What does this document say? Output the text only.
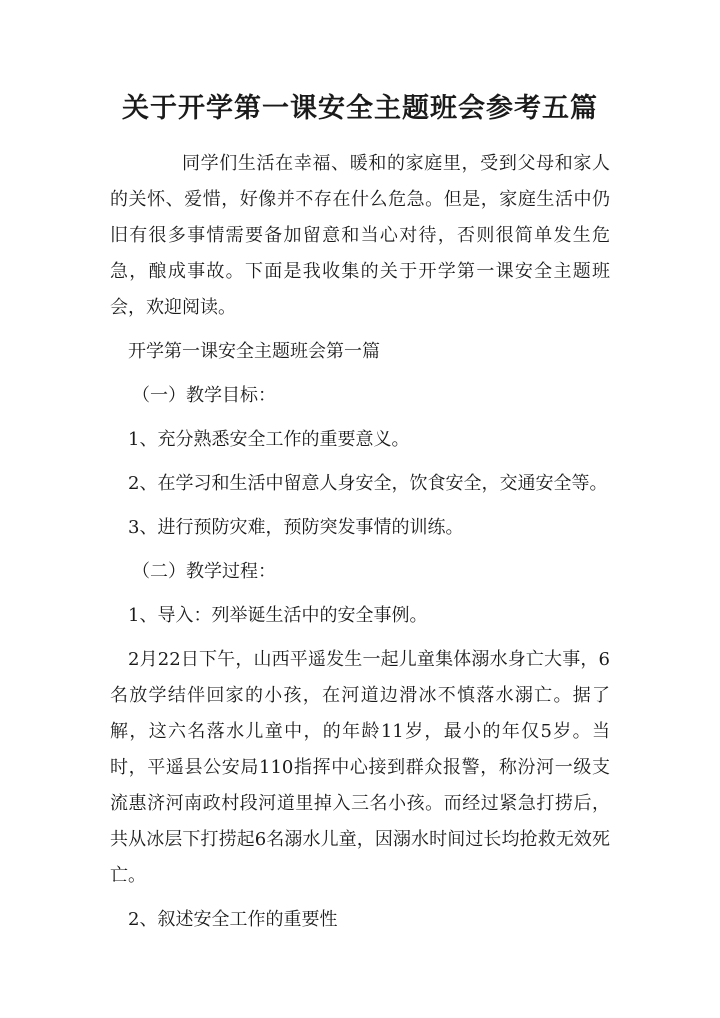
关于开学第一课安全主题班会参考五篇

同学们生活在幸福、暖和的家庭里，受到父母和家人的关怀、爱惜，好像并不存在什么危急。但是，家庭生活中仍旧有很多事情需要备加留意和当心对待，否则很简单发生危急，酿成事故。下面是我收集的关于开学第一课安全主题班会，欢迎阅读。

开学第一课安全主题班会第一篇

（一）教学目标：

1、充分熟悉安全工作的重要意义。

2、在学习和生活中留意人身安全，饮食安全，交通安全等。

3、进行预防灾难，预防突发事情的训练。

（二）教学过程：

1、导入：列举诞生活中的安全事例。

2月22日下午，山西平遥发生一起儿童集体溺水身亡大事，6名放学结伴回家的小孩，在河道边滑冰不慎落水溺亡。据了解，这六名落水儿童中，的年龄11岁，最小的年仅5岁。当时，平遥县公安局110指挥中心接到群众报警，称汾河一级支流惠济河南政村段河道里掉入三名小孩。而经过紧急打捞后，共从冰层下打捞起6名溺水儿童，因溺水时间过长均抢救无效死亡。

2、叙述安全工作的重要性
